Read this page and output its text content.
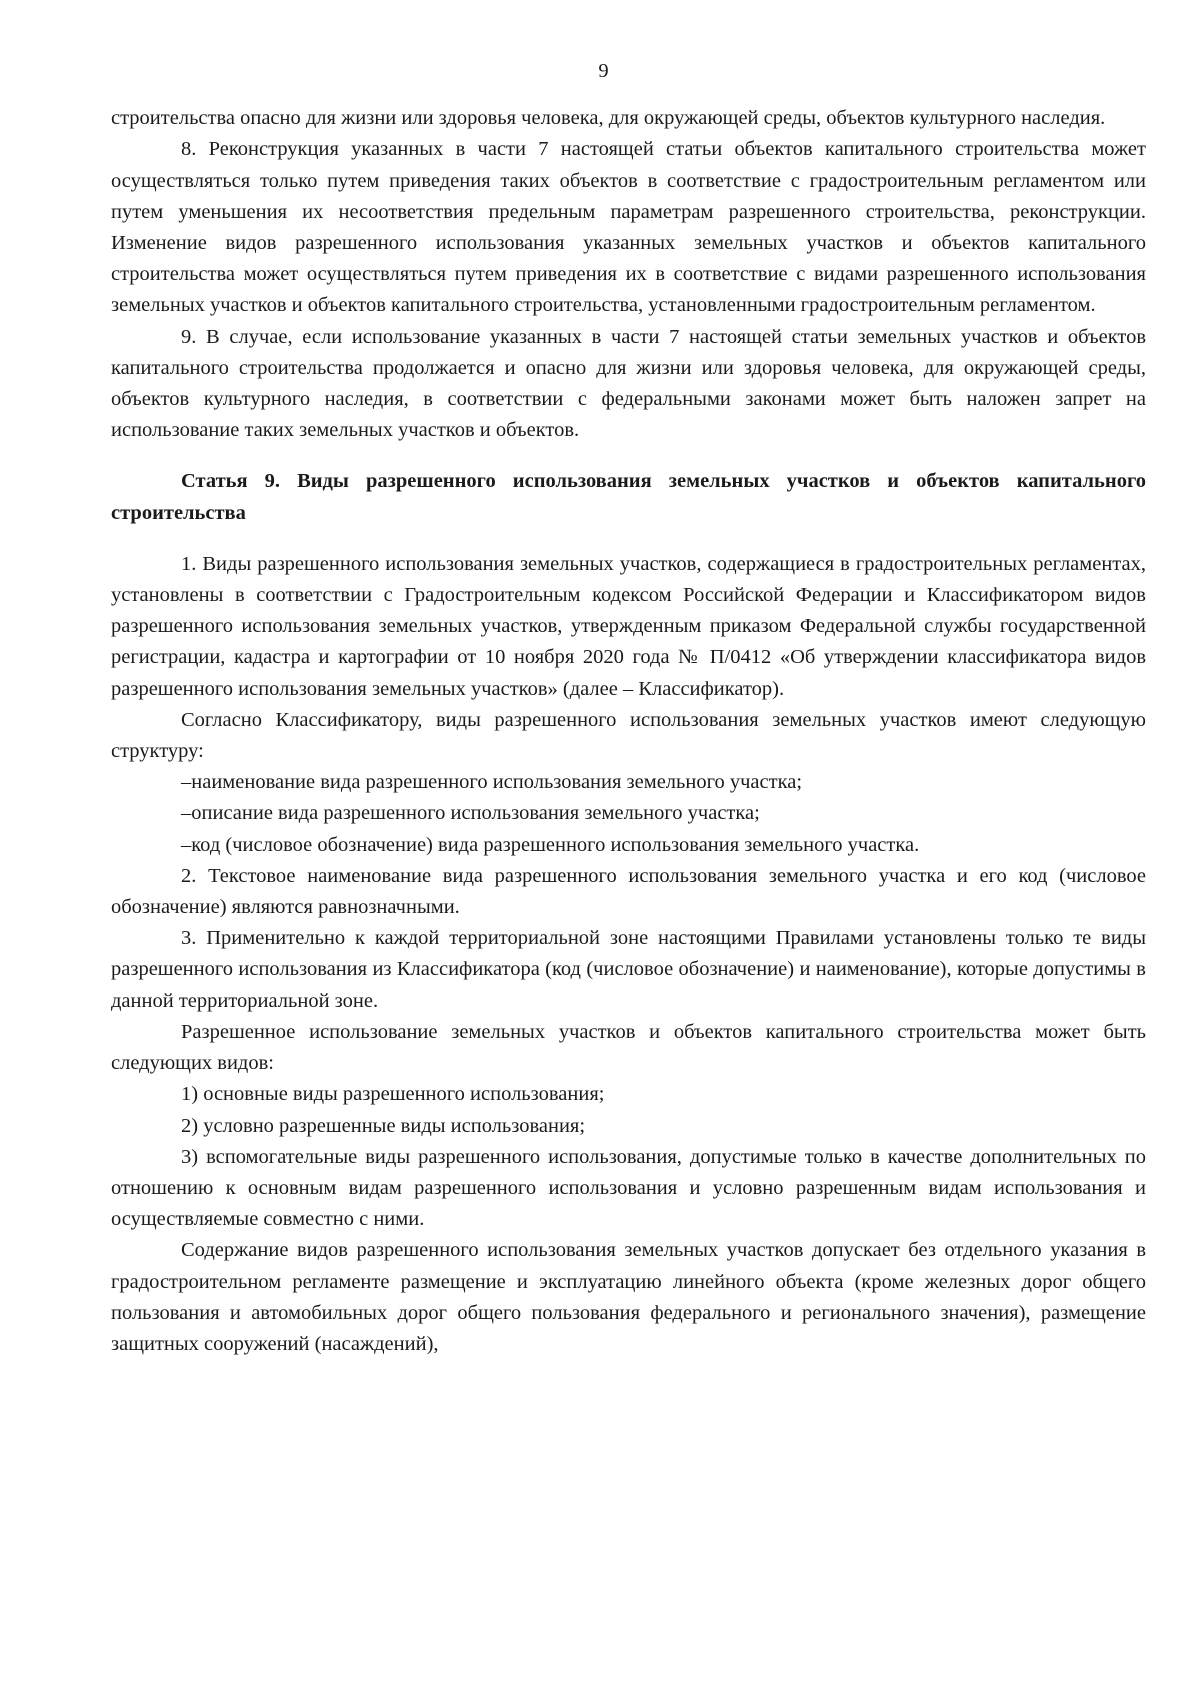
9

строительства опасно для жизни или здоровья человека, для окружающей среды, объектов культурного наследия.

8. Реконструкция указанных в части 7 настоящей статьи объектов капитального строительства может осуществляться только путем приведения таких объектов в соответствие с градостроительным регламентом или путем уменьшения их несоответствия предельным параметрам разрешенного строительства, реконструкции. Изменение видов разрешенного использования указанных земельных участков и объектов капитального строительства может осуществляться путем приведения их в соответствие с видами разрешенного использования земельных участков и объектов капитального строительства, установленными градостроительным регламентом.

9. В случае, если использование указанных в части 7 настоящей статьи земельных участков и объектов капитального строительства продолжается и опасно для жизни или здоровья человека, для окружающей среды, объектов культурного наследия, в соответствии с федеральными законами может быть наложен запрет на использование таких земельных участков и объектов.

Статья 9. Виды разрешенного использования земельных участков и объектов капитального строительства

1. Виды разрешенного использования земельных участков, содержащиеся в градостроительных регламентах, установлены в соответствии с Градостроительным кодексом Российской Федерации и Классификатором видов разрешенного использования земельных участков, утвержденным приказом Федеральной службы государственной регистрации, кадастра и картографии от 10 ноября 2020 года № П/0412 «Об утверждении классификатора видов разрешенного использования земельных участков» (далее – Классификатор).

Согласно Классификатору, виды разрешенного использования земельных участков имеют следующую структуру:

–наименование вида разрешенного использования земельного участка;

–описание вида разрешенного использования земельного участка;

–код (числовое обозначение) вида разрешенного использования земельного участка.

2. Текстовое наименование вида разрешенного использования земельного участка и его код (числовое обозначение) являются равнозначными.

3. Применительно к каждой территориальной зоне настоящими Правилами установлены только те виды разрешенного использования из Классификатора (код (числовое обозначение) и наименование), которые допустимы в данной территориальной зоне.

Разрешенное использование земельных участков и объектов капитального строительства может быть следующих видов:

1) основные виды разрешенного использования;

2) условно разрешенные виды использования;

3) вспомогательные виды разрешенного использования, допустимые только в качестве дополнительных по отношению к основным видам разрешенного использования и условно разрешенным видам использования и осуществляемые совместно с ними.

Содержание видов разрешенного использования земельных участков допускает без отдельного указания в градостроительном регламенте размещение и эксплуатацию линейного объекта (кроме железных дорог общего пользования и автомобильных дорог общего пользования федерального и регионального значения), размещение защитных сооружений (насаждений),
